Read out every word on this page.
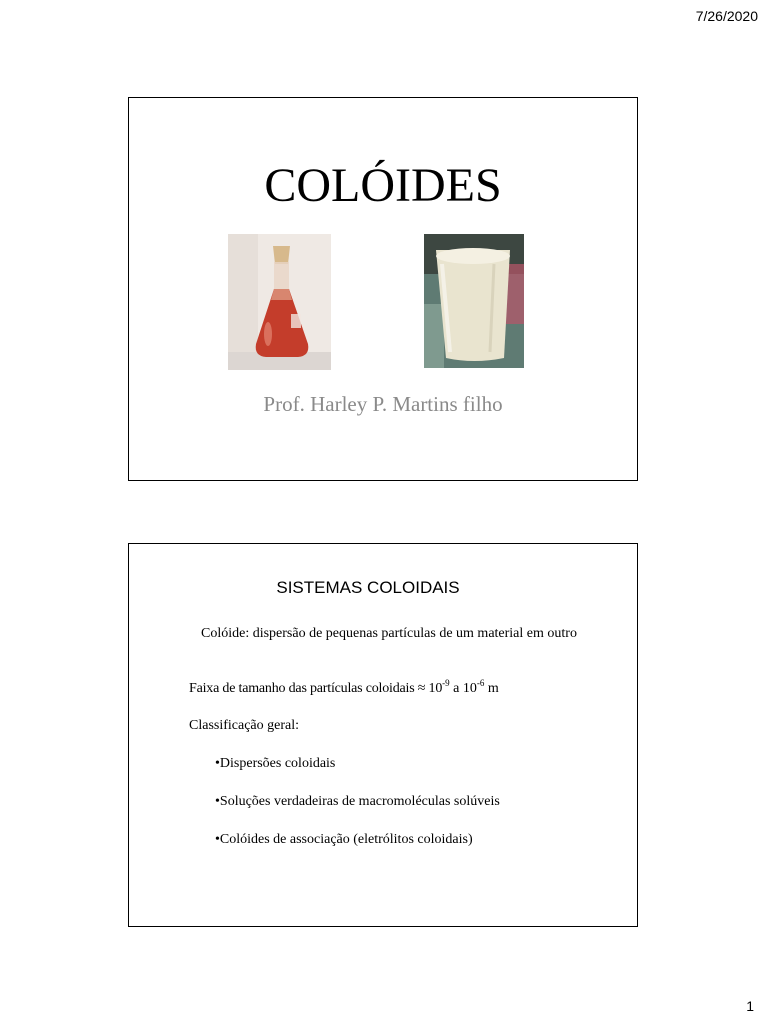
7/26/2020
COLÓIDES
Prof. Harley P. Martins filho
SISTEMAS COLOIDAIS
Colóide: dispersão de pequenas partículas de um material em outro
Faixa de tamanho das partículas coloidais ≈ $10^{-9}$ a $10^{-6}$ m
Classificação geral:
•Dispersões coloidais
•Soluções verdadeiras de macromoléculas solúveis
•Colóides de associação (eletrólitos coloidais)
1
